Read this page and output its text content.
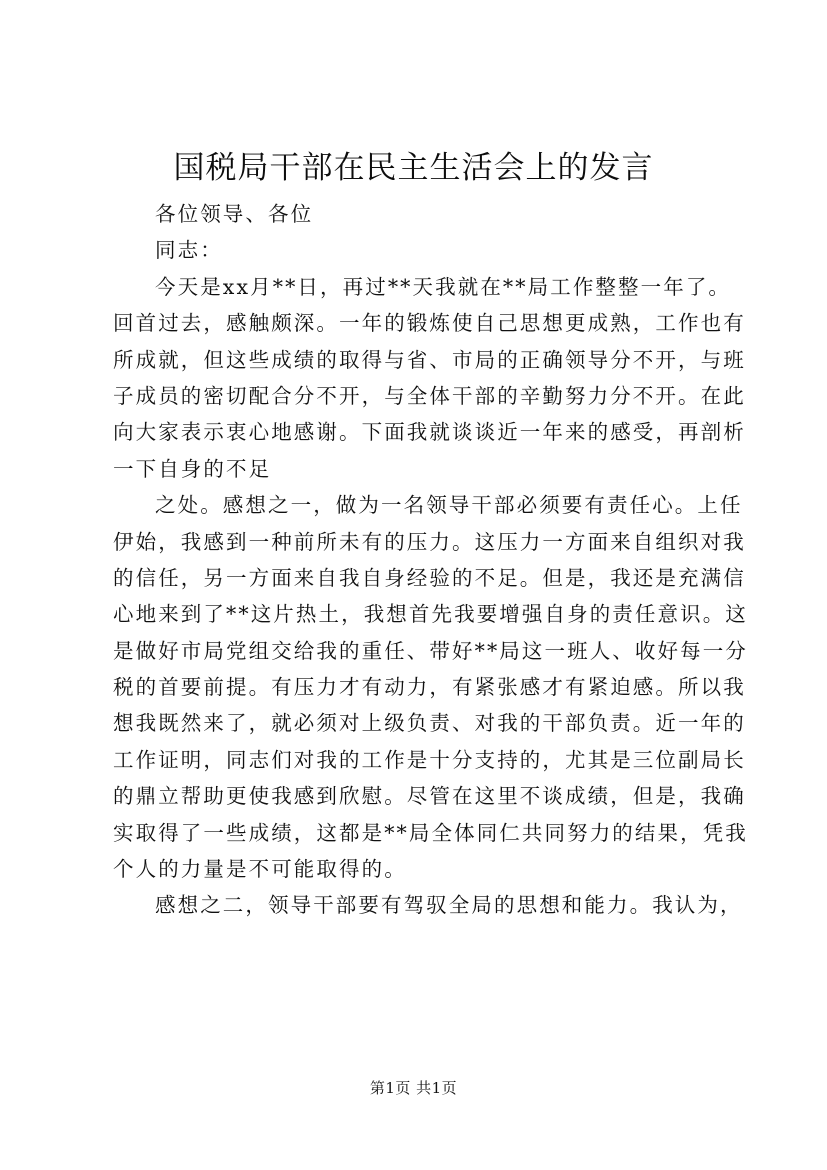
国税局干部在民主生活会上的发言

各位领导、各位

同志：

今天是xx月**日，再过**天我就在**局工作整整一年了。

回首过去，感触颇深。一年的锻炼使自己思想更成熟，工作也有

所成就，但这些成绩的取得与省、市局的正确领导分不开，与班

子成员的密切配合分不开，与全体干部的辛勤努力分不开。在此

向大家表示衷心地感谢。下面我就谈谈近一年来的感受，再剖析

一下自身的不足

之处。感想之一，做为一名领导干部必须要有责任心。上任

伊始，我感到一种前所未有的压力。这压力一方面来自组织对我

的信任，另一方面来自我自身经验的不足。但是，我还是充满信

心地来到了**这片热土，我想首先我要增强自身的责任意识。这

是做好市局党组交给我的重任、带好**局这一班人、收好每一分

税的首要前提。有压力才有动力，有紧张感才有紧迫感。所以我

想我既然来了，就必须对上级负责、对我的干部负责。近一年的

工作证明，同志们对我的工作是十分支持的，尤其是三位副局长

的鼎立帮助更使我感到欣慰。尽管在这里不谈成绩，但是，我确

实取得了一些成绩，这都是**局全体同仁共同努力的结果，凭我

个人的力量是不可能取得的。

感想之二，领导干部要有驾驭全局的思想和能力。我认为，

第1页 共1页
